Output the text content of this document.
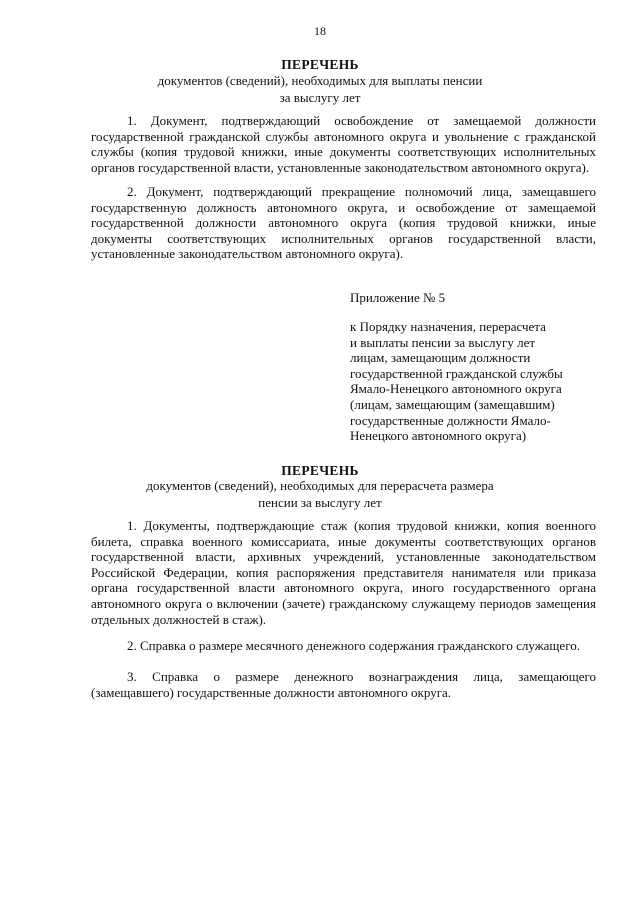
18
ПЕРЕЧЕНЬ
документов (сведений), необходимых для выплаты пенсии
за выслугу лет

1. Документ, подтверждающий освобождение от замещаемой должности государственной гражданской службы автономного округа и увольнение с гражданской службы (копия трудовой книжки, иные документы соответствующих исполнительных органов государственной власти, установленные законодательством автономного округа).

2. Документ, подтверждающий прекращение полномочий лица, замещавшего государственную должность автономного округа, и освобождение от замещаемой государственной должности автономного округа (копия трудовой книжки, иные документы соответствующих исполнительных органов государственной власти, установленные законодательством автономного округа).

Приложение № 5
к Порядку назначения, перерасчета
и выплаты пенсии за выслугу лет
лицам, замещающим должности
государственной гражданской службы
Ямало-Ненецкого автономного округа
(лицам, замещающим (замещавшим)
государственные должности Ямало-
Ненецкого автономного округа)
ПЕРЕЧЕНЬ
документов (сведений), необходимых для перерасчета размера
пенсии за выслугу лет

1. Документы, подтверждающие стаж (копия трудовой книжки, копия военного билета, справка военного комиссариата, иные документы соответствующих органов государственной власти, архивных учреждений, установленные законодательством Российской Федерации, копия распоряжения представителя нанимателя или приказа органа государственной власти автономного округа, иного государственного органа автономного округа о включении (зачете) гражданскому служащему периодов замещения отдельных должностей в стаж).

2. Справка о размере месячного денежного содержания гражданского служащего.

3. Справка о размере денежного вознаграждения лица, замещающего (замещавшего) государственные должности автономного округа.
